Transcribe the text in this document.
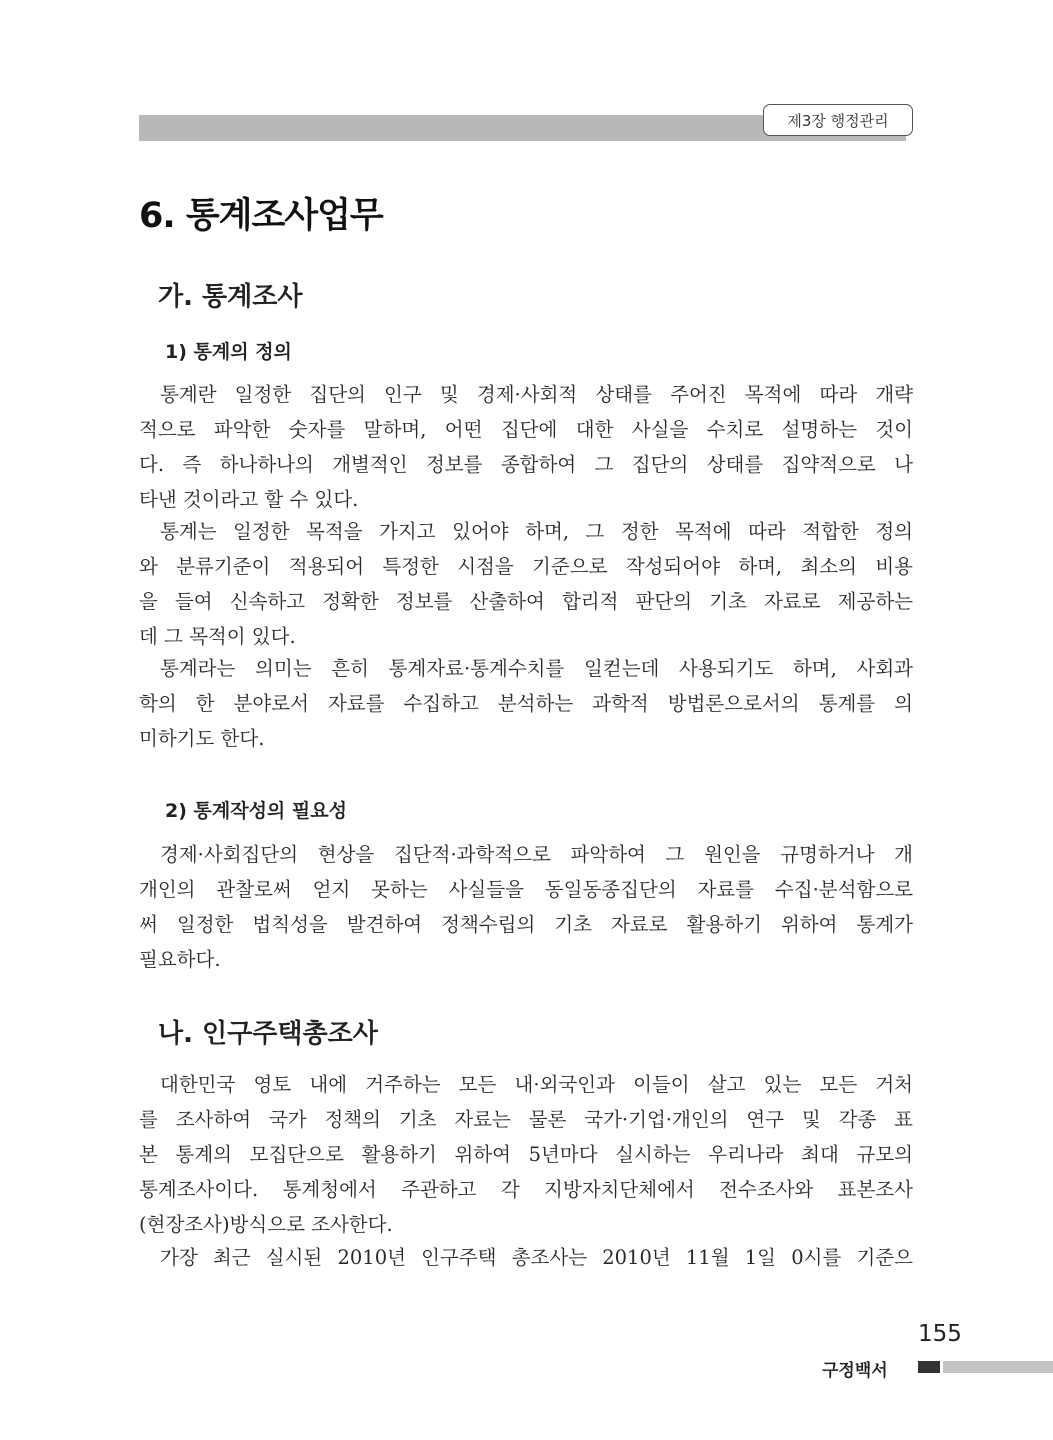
제3장 행정관리
6. 통계조사업무
가. 통계조사
1) 통계의 정의
통계란 일정한 집단의 인구 및 경제·사회적 상태를 주어진 목적에 따라 개략
적으로 파악한 숫자를 말하며, 어떤 집단에 대한 사실을 수치로 설명하는 것이
다. 즉 하나하나의 개별적인 정보를 종합하여 그 집단의 상태를 집약적으로 나
타낸 것이라고 할 수 있다.
통계는 일정한 목적을 가지고 있어야 하며, 그 정한 목적에 따라 적합한 정의
와 분류기준이 적용되어 특정한 시점을 기준으로 작성되어야 하며, 최소의 비용
을 들여 신속하고 정확한 정보를 산출하여 합리적 판단의 기초 자료로 제공하는
데 그 목적이 있다.
통계라는 의미는 흔히 통계자료·통계수치를 일컫는데 사용되기도 하며, 사회과
학의 한 분야로서 자료를 수집하고 분석하는 과학적 방법론으로서의 통계를 의
미하기도 한다.
2) 통계작성의 필요성
경제·사회집단의 현상을 집단적·과학적으로 파악하여 그 원인을 규명하거나 개
개인의 관찰로써 얻지 못하는 사실들을 동일동종집단의 자료를 수집·분석함으로
써 일정한 법칙성을 발견하여 정책수립의 기초 자료로 활용하기 위하여 통계가
필요하다.
나. 인구주택총조사
대한민국 영토 내에 거주하는 모든 내·외국인과 이들이 살고 있는 모든 거처
를 조사하여 국가 정책의 기초 자료는 물론 국가·기업·개인의 연구 및 각종 표
본 통계의 모집단으로 활용하기 위하여 5년마다 실시하는 우리나라 최대 규모의
통계조사이다. 통계청에서 주관하고 각 지방자치단체에서 전수조사와 표본조사
(현장조사)방식으로 조사한다.
가장 최근 실시된 2010년 인구주택 총조사는 2010년 11월 1일 0시를 기준으
155
구정백서
